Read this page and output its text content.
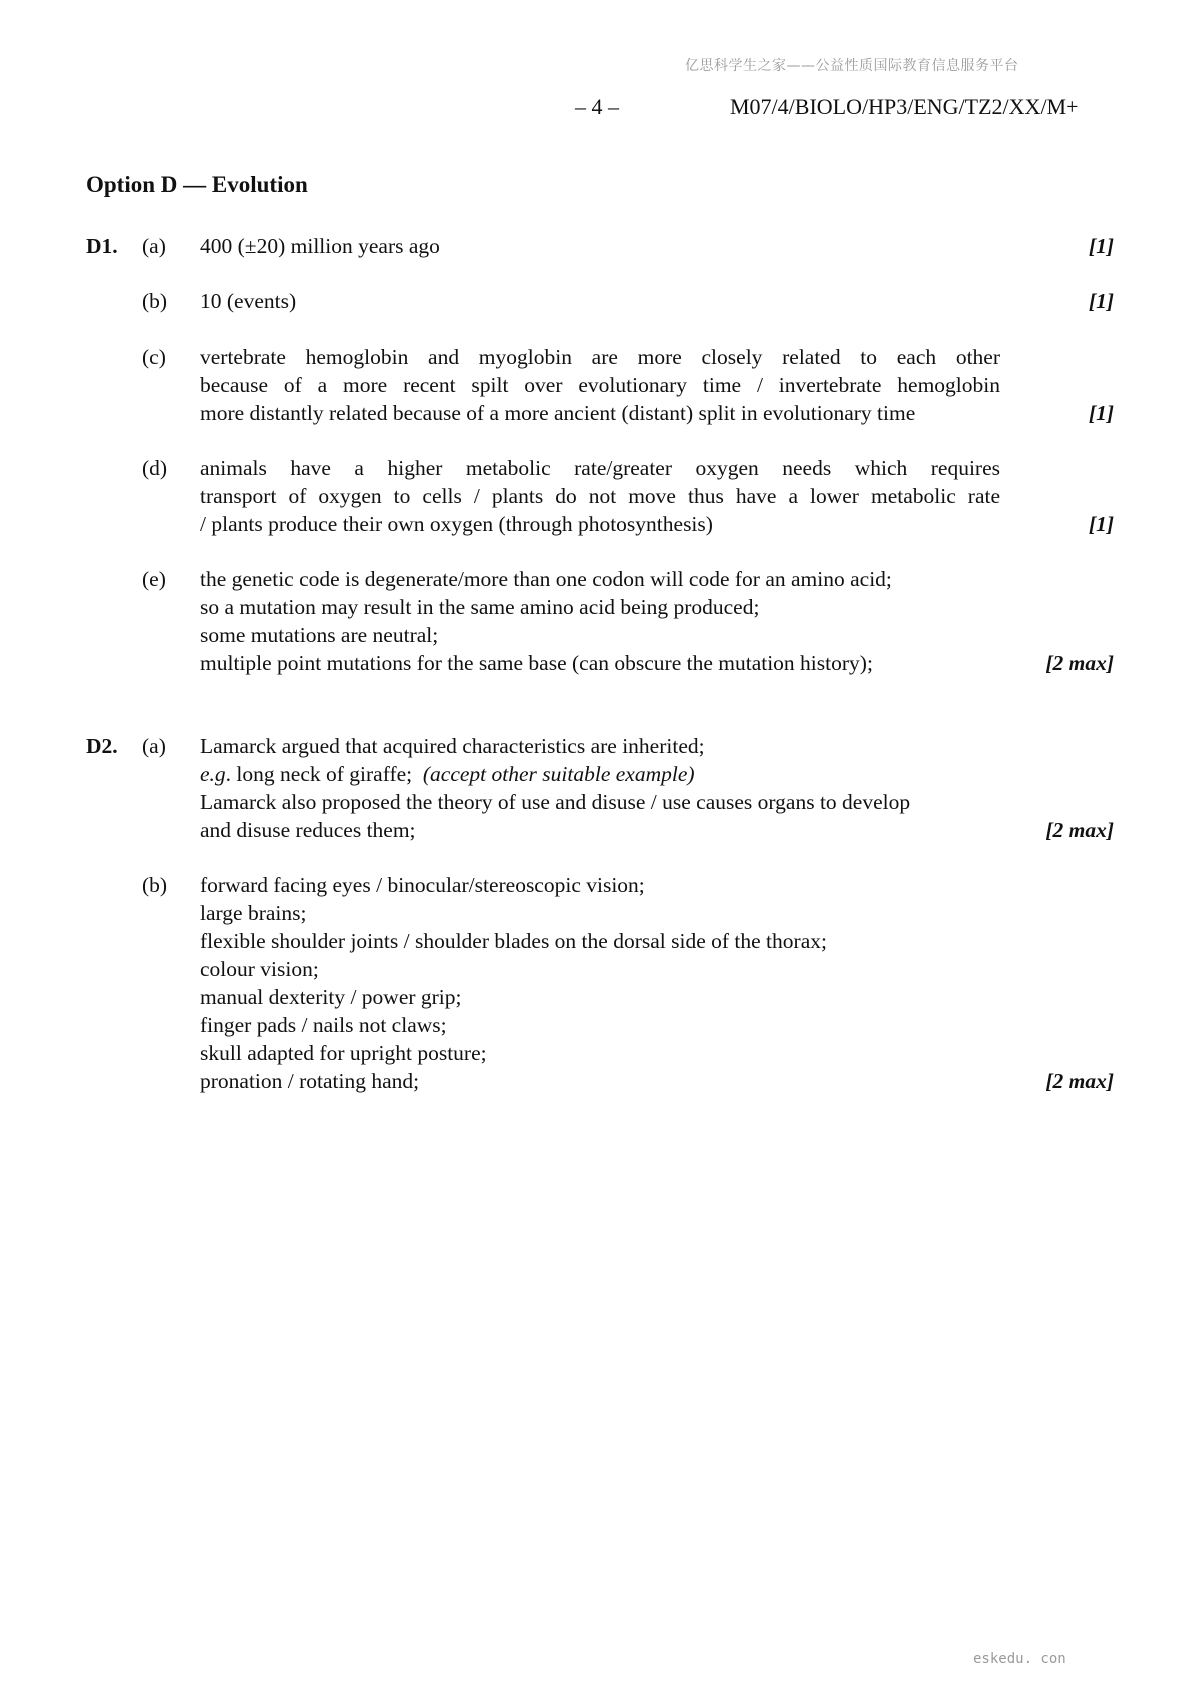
亿思科学生之家——公益性质国际教育信息服务平台
– 4 –	M07/4/BIOLO/HP3/ENG/TZ2/XX/M+
Option D — Evolution
D1. (a) 400 (±20) million years ago	[1]
(b) 10 (events)	[1]
(c) vertebrate hemoglobin and myoglobin are more closely related to each other
because of a more recent spilt over evolutionary time / invertebrate hemoglobin
more distantly related because of a more ancient (distant) split in evolutionary time	[1]
(d) animals have a higher metabolic rate/greater oxygen needs which requires
transport of oxygen to cells / plants do not move thus have a lower metabolic rate
/ plants produce their own oxygen (through photosynthesis)	[1]
(e) the genetic code is degenerate/more than one codon will code for an amino acid;
so a mutation may result in the same amino acid being produced;
some mutations are neutral;
multiple point mutations for the same base (can obscure the mutation history);	[2 max]
D2. (a) Lamarck argued that acquired characteristics are inherited;
e.g. long neck of giraffe; (accept other suitable example)
Lamarck also proposed the theory of use and disuse / use causes organs to develop
and disuse reduces them;	[2 max]
(b) forward facing eyes / binocular/stereoscopic vision;
large brains;
flexible shoulder joints / shoulder blades on the dorsal side of the thorax;
colour vision;
manual dexterity / power grip;
finger pads / nails not claws;
skull adapted for upright posture;
pronation / rotating hand;	[2 max]
eskedu. con
